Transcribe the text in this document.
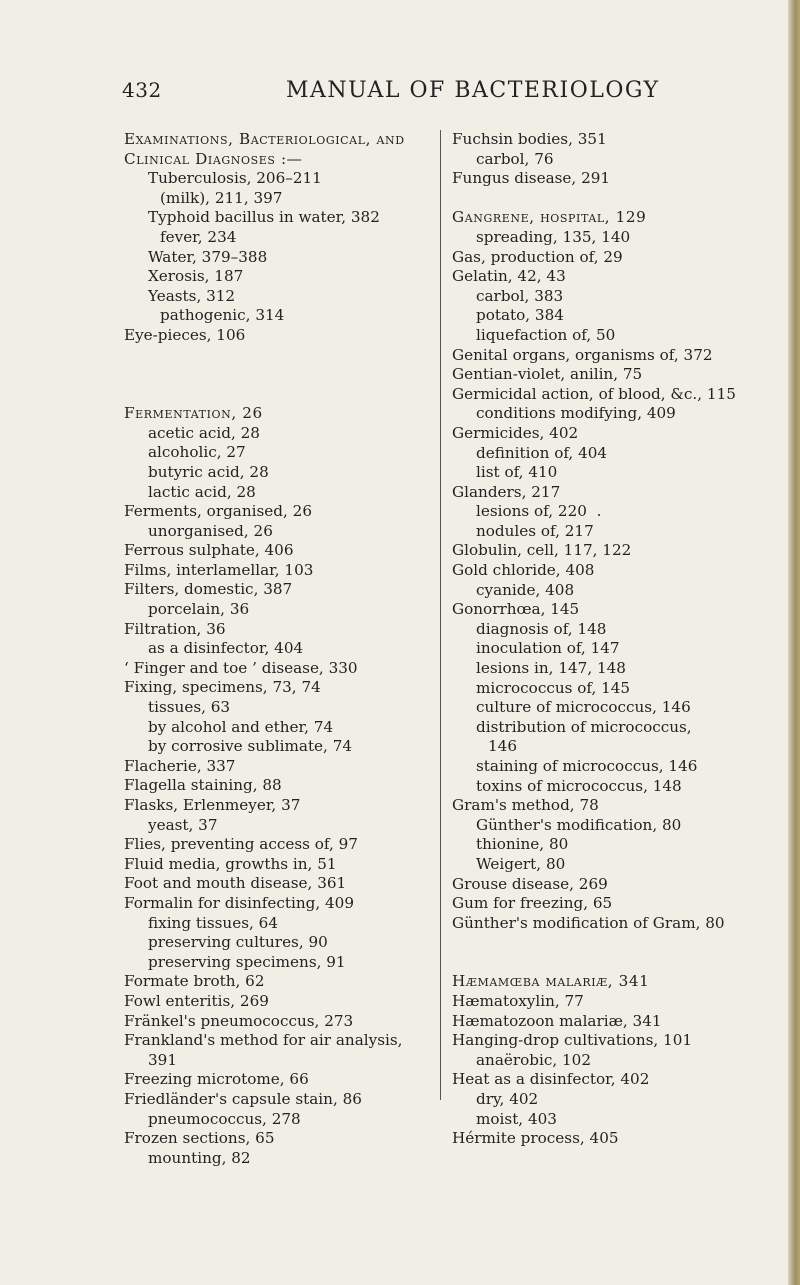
432	MANUAL OF BACTERIOLOGY
Examinations, Bacteriological, and
Clinical Diagnoses :—
Tuberculosis, 206–211
(milk), 211, 397
Typhoid bacillus in water, 382
fever, 234
Water, 379–388
Xerosis, 187
Yeasts, 312
pathogenic, 314
Eye-pieces, 106
Fermentation, 26
acetic acid, 28
alcoholic, 27
butyric acid, 28
lactic acid, 28
Ferments, organised, 26
unorganised, 26
Ferrous sulphate, 406
Films, interlamellar, 103
Filters, domestic, 387
porcelain, 36
Filtration, 36
as a disinfector, 404
‘ Finger and toe ’ disease, 330
Fixing, specimens, 73, 74
tissues, 63
by alcohol and ether, 74
by corrosive sublimate, 74
Flacherie, 337
Flagella staining, 88
Flasks, Erlenmeyer, 37
yeast, 37
Flies, preventing access of, 97
Fluid media, growths in, 51
Foot and mouth disease, 361
Formalin for disinfecting, 409
fixing tissues, 64
preserving cultures, 90
preserving specimens, 91
Formate broth, 62
Fowl enteritis, 269
Fränkel's pneumococcus, 273
Frankland's method for air analysis,
391
Freezing microtome, 66
Friedländer's capsule stain, 86
pneumococcus, 278
Frozen sections, 65
mounting, 82
Fuchsin bodies, 351
carbol, 76
Fungus disease, 291
Gangrene, hospital, 129
spreading, 135, 140
Gas, production of, 29
Gelatin, 42, 43
carbol, 383
potato, 384
liquefaction of, 50
Genital organs, organisms of, 372
Gentian-violet, anilin, 75
Germicidal action, of blood, &c., 115
conditions modifying, 409
Germicides, 402
definition of, 404
list of, 410
Glanders, 217
lesions of, 220  .
nodules of, 217
Globulin, cell, 117, 122
Gold chloride, 408
cyanide, 408
Gonorrhœa, 145
diagnosis of, 148
inoculation of, 147
lesions in, 147, 148
micrococcus of, 145
culture of micrococcus, 146
distribution of micrococcus,
146
staining of micrococcus, 146
toxins of micrococcus, 148
Gram's method, 78
Günther's modification, 80
thionine, 80
Weigert, 80
Grouse disease, 269
Gum for freezing, 65
Günther's modification of Gram, 80
Hæmamœba malariæ, 341
Hæmatoxylin, 77
Hæmatozoon malariæ, 341
Hanging-drop cultivations, 101
anaërobic, 102
Heat as a disinfector, 402
dry, 402
moist, 403
Hérmite process, 405
